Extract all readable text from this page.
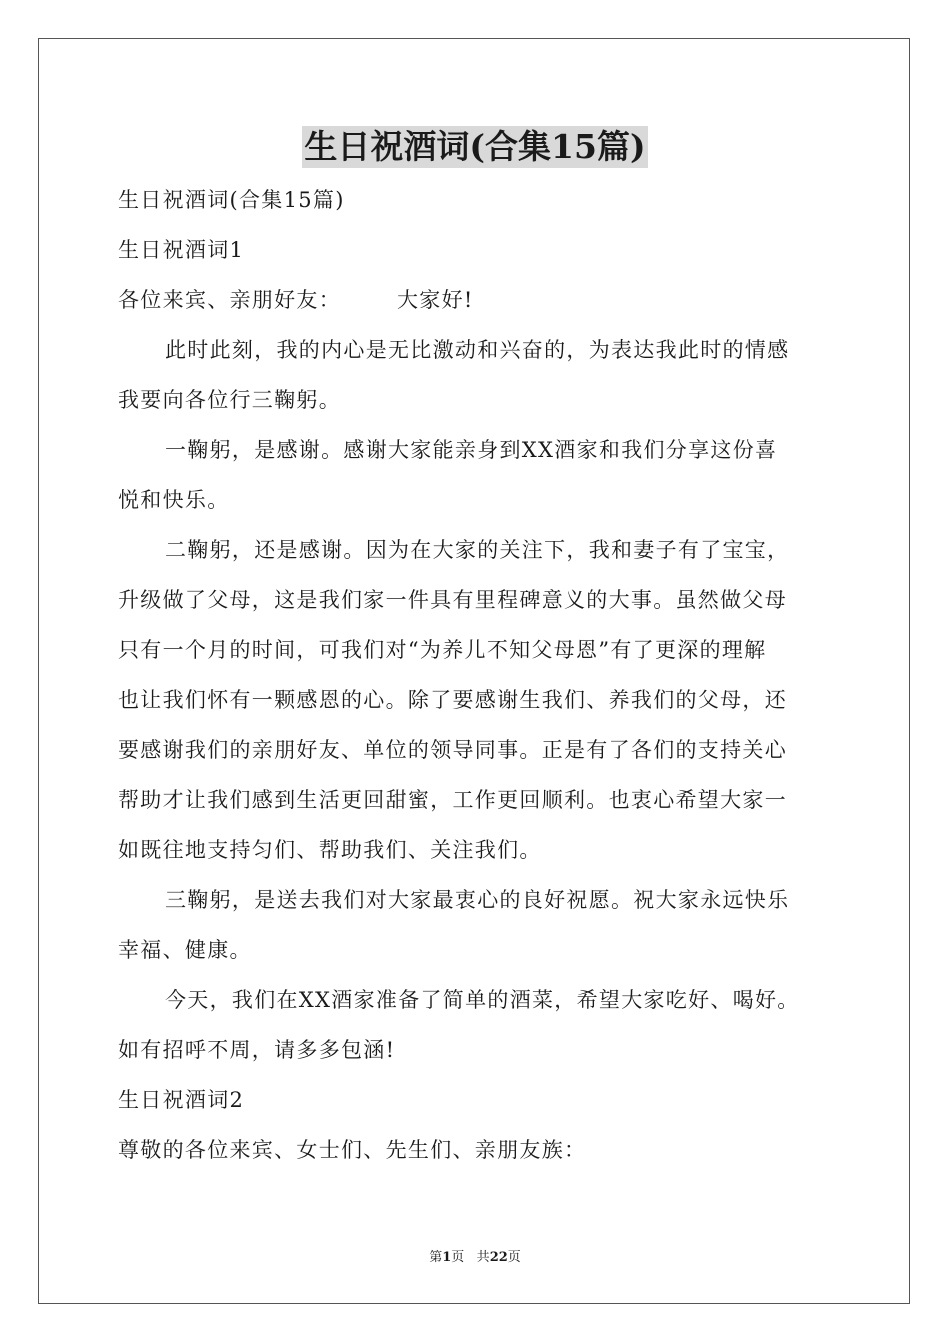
生日祝酒词(合集15篇)
生日祝酒词(合集15篇)
生日祝酒词1
各位来宾、亲朋好友：	大家好!
此时此刻，我的内心是无比激动和兴奋的，为表达我此时的情感
我要向各位行三鞠躬。
一鞠躬，是感谢。感谢大家能亲身到XX酒家和我们分享这份喜
悦和快乐。
二鞠躬，还是感谢。因为在大家的关注下，我和妻子有了宝宝，
升级做了父母，这是我们家一件具有里程碑意义的大事。虽然做父母
只有一个月的时间，可我们对“为养儿不知父母恩”有了更深的理解
也让我们怀有一颗感恩的心。除了要感谢生我们、养我们的父母，还
要感谢我们的亲朋好友、单位的领导同事。正是有了各们的支持关心
帮助才让我们感到生活更回甜蜜，工作更回顺利。也衷心希望大家一
如既往地支持匀们、帮助我们、关注我们。
三鞠躬，是送去我们对大家最衷心的良好祝愿。祝大家永远快乐
幸福、健康。
今天，我们在XX酒家准备了简单的酒菜，希望大家吃好、喝好。
如有招呼不周，请多多包涵!
生日祝酒词2
尊敬的各位来宾、女士们、先生们、亲朋友族：
第1页 共22页
